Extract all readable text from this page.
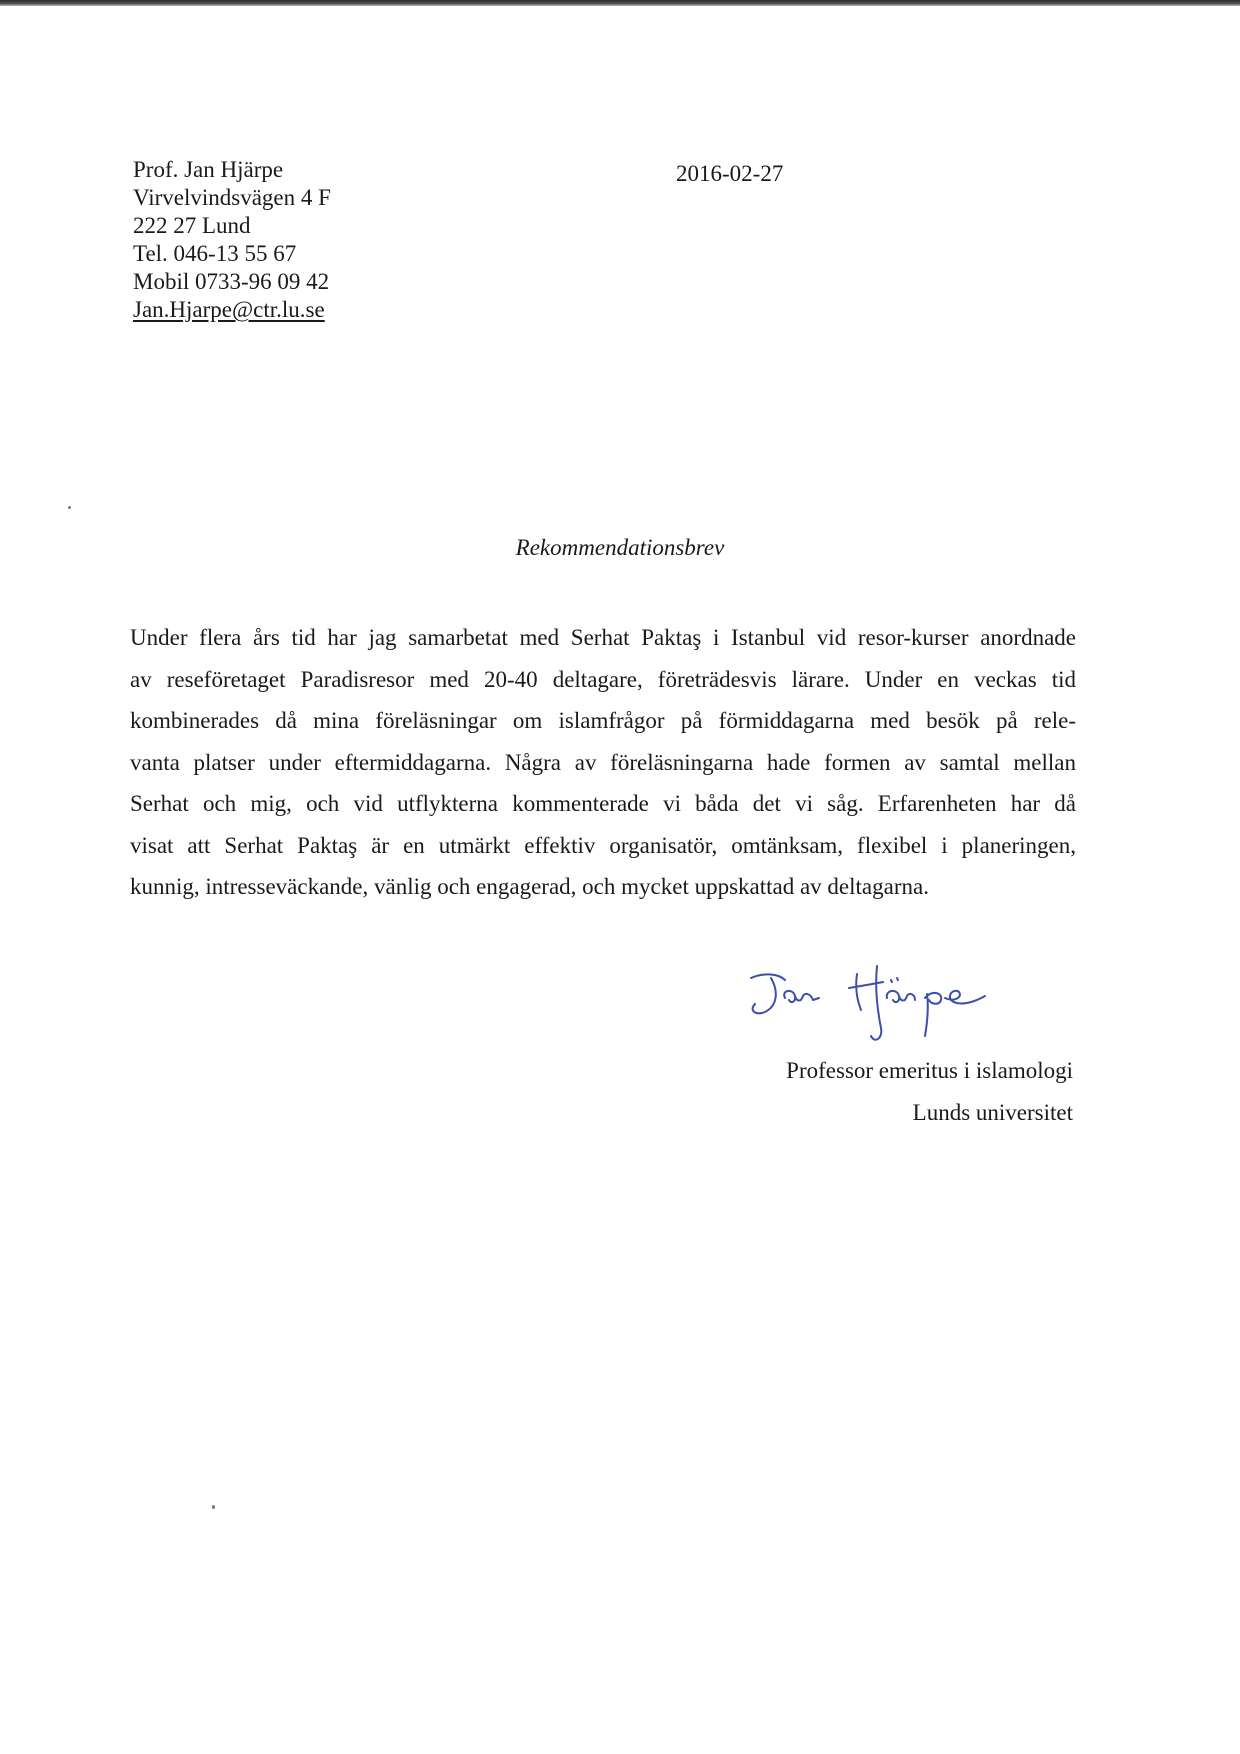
Prof. Jan Hjärpe
Virvelvindsvägen 4 F
222 27 Lund
Tel. 046-13 55 67
Mobil 0733-96 09 42
Jan.Hjarpe@ctr.lu.se
2016-02-27
Rekommendationsbrev
Under flera års tid har jag samarbetat med Serhat Paktaş i Istanbul vid resor-kurser anordnade
av reseföretaget Paradisresor med 20-40 deltagare, företrädesvis lärare. Under en veckas tid
kombinerades då mina föreläsningar om islamfrågor på förmiddagarna med besök på rele-
vanta platser under eftermiddagarna. Några av föreläsningarna hade formen av samtal mellan
Serhat och mig, och vid utflykterna kommenterade vi båda det vi såg. Erfarenheten har då
visat att Serhat Paktaş är en utmärkt effektiv organisatör, omtänksam, flexibel i planeringen,
kunnig, intresseväckande, vänlig och engagerad, och mycket uppskattad av deltagarna.
Professor emeritus i islamologi
Lunds universitet
